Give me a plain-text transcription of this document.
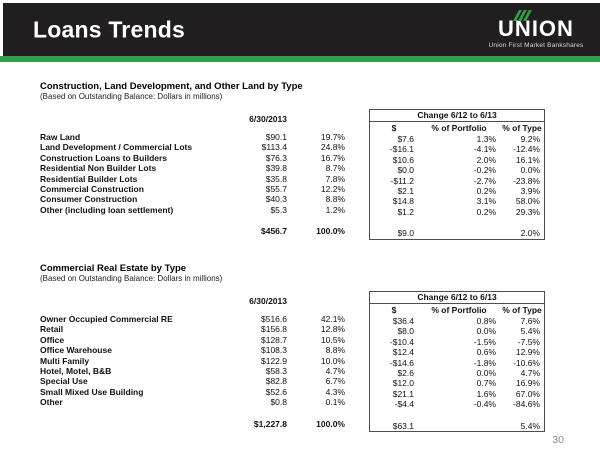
Loans Trends	UNION
Union First Market Bankshares
Construction, Land Development, and Other Land by Type

(Based on Outstanding Balance: Dollars in millions)

6/30/2013
Raw Land	$90.1	19.7%
Land Development / Commercial Lots	$113.4	24.8%
Construction Loans to Builders	$76.3	16.7%
Residential Non Builder Lots	$39.8	8.7%
Residential Builder Lots	$35.8	7.8%
Commercial Construction	$55.7	12.2%
Consumer Construction	$40.3	8.8%
Other (including loan settlement)	$5.3	1.2%

	$456.7	100.0%
Change 6/12 to 6/13
$	% of Portfolio	% of Type
$7.6	1.3%	9.2%
-$16.1	-4.1%	-12.4%
$10.6	2.0%	16.1%
$0.0	-0.2%	0.0%
-$11.2	-2.7%	-23.8%
$2.1	0.2%	3.9%
$14.8	3.1%	58.0%
$1.2	0.2%	29.3%

$9.0		2.0%
Commercial Real Estate by Type

(Based on Outstanding Balance: Dollars in millions)

6/30/2013
Owner Occupied Commercial RE	$516.6	42.1%
Retail	$156.8	12.8%
Office	$128.7	10.5%
Office Warehouse	$108.3	8.8%
Multi Family	$122.9	10.0%
Hotel, Motel, B&B	$58.3	4.7%
Special Use	$82.8	6.7%
Small Mixed Use Building	$52.6	4.3%
Other	$0.8	0.1%

	$1,227.8	100.0%
Change 6/12 to 6/13
$	% of Portfolio	% of Type
$36.4	0.8%	7.6%
$8.0	0.0%	5.4%
-$10.4	-1.5%	-7.5%
$12.4	0.6%	12.9%
-$14.6	-1.8%	-10.6%
$2.6	0.0%	4.7%
$12.0	0.7%	16.9%
$21.1	1.6%	67.0%
-$4.4	-0.4%	-84.6%

$63.1		5.4%
30
